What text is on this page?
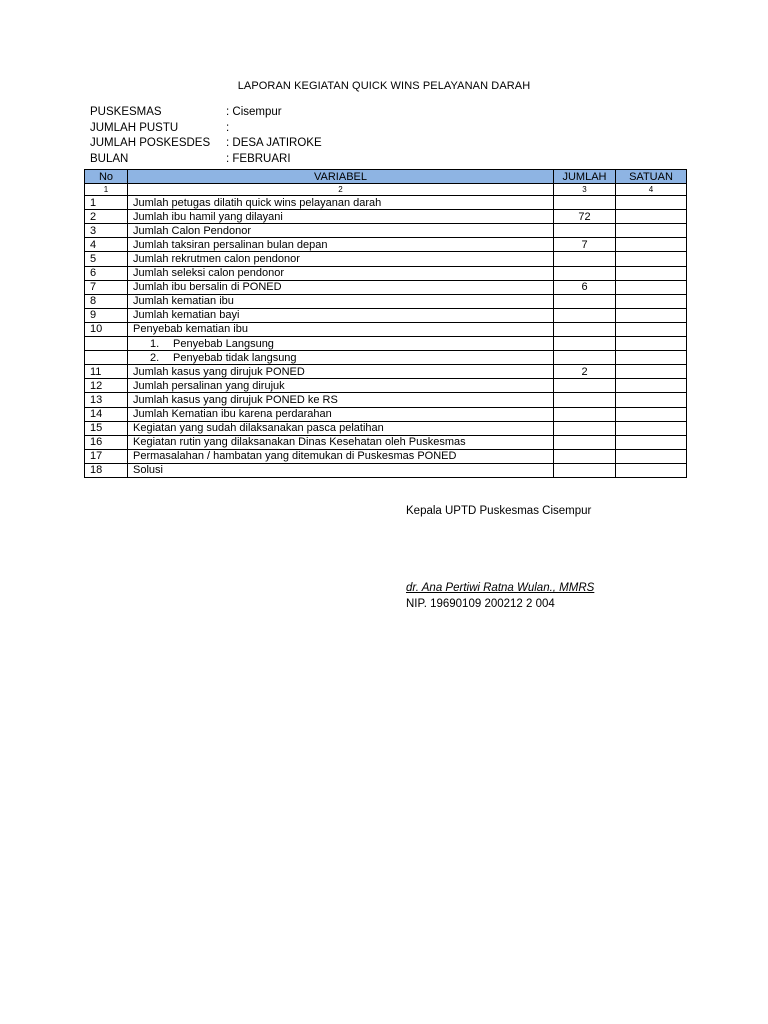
LAPORAN KEGIATAN QUICK WINS PELAYANAN DARAH
PUSKESMAS	: Cisempur
JUMLAH PUSTU	:
JUMLAH POSKESDES	: DESA JATIROKE
BULAN	: FEBRUARI
No	VARIABEL	JUMLAH	SATUAN
1	2	3	4
1	Jumlah petugas dilatih quick wins pelayanan darah		
2	Jumlah ibu hamil yang dilayani	72	
3	Jumlah Calon Pendonor		
4	Jumlah taksiran persalinan bulan depan	7	
5	Jumlah rekrutmen calon pendonor		
6	Jumlah seleksi calon pendonor		
7	Jumlah ibu bersalin di PONED	6	
8	Jumlah kematian ibu		
9	Jumlah kematian bayi		
10	Penyebab kematian ibu		
	1. Penyebab Langsung		
	2. Penyebab tidak langsung		
11	Jumlah kasus yang dirujuk PONED	2	
12	Jumlah persalinan yang dirujuk		
13	Jumlah kasus yang dirujuk PONED ke RS		
14	Jumlah Kematian ibu karena perdarahan		
15	Kegiatan yang sudah dilaksanakan pasca pelatihan		
16	Kegiatan rutin yang dilaksanakan Dinas Kesehatan oleh Puskesmas		
17	Permasalahan / hambatan yang ditemukan di Puskesmas PONED		
18	Solusi		
Kepala UPTD Puskesmas Cisempur
dr. Ana Pertiwi Ratna Wulan., MMRS
NIP. 19690109 200212 2 004
